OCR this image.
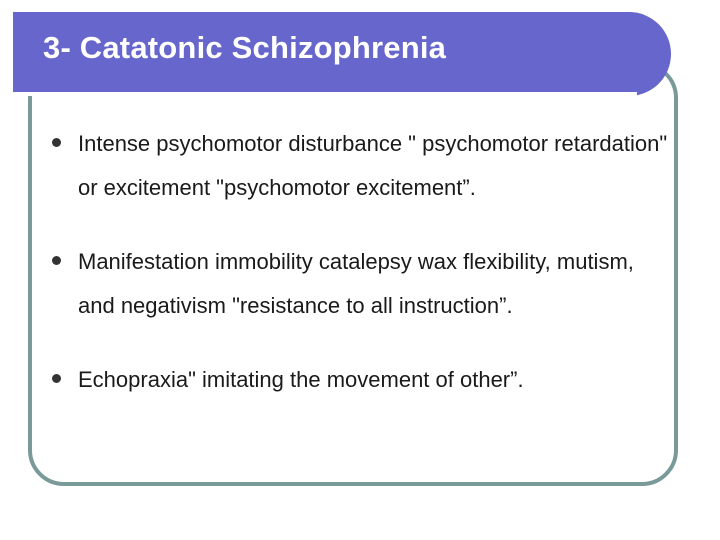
3- Catatonic Schizophrenia
Intense psychomotor disturbance " psychomotor retardation" or excitement "psychomotor excitement”.
Manifestation immobility catalepsy wax flexibility, mutism, and negativism "resistance to all instruction”.
Echopraxia" imitating the movement of other”.
